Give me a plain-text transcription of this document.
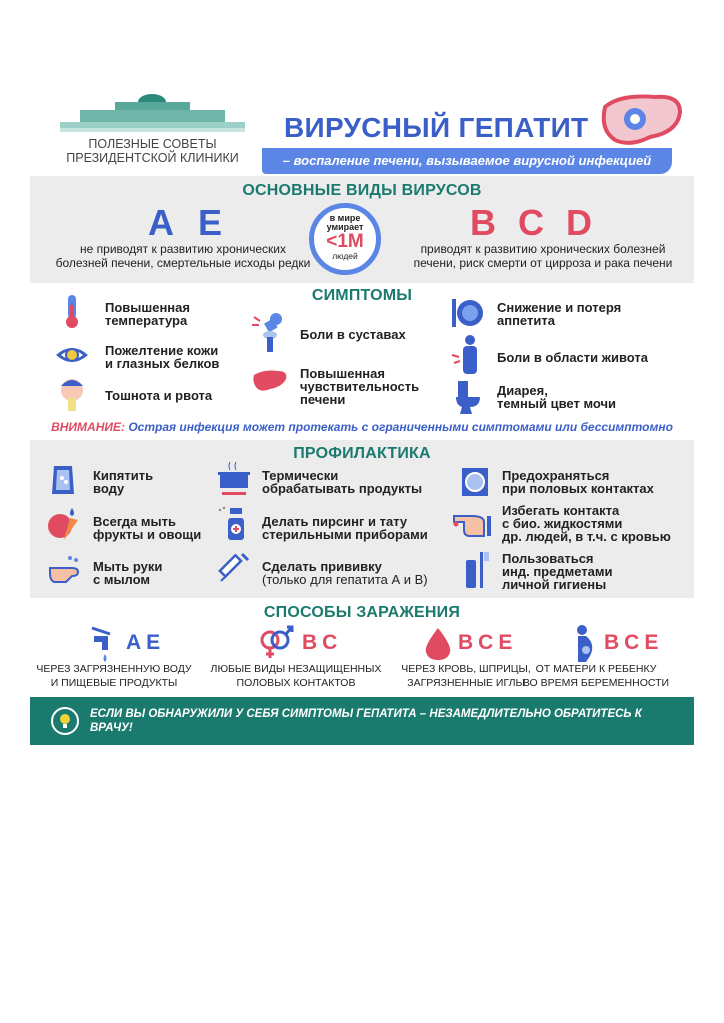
ПОЛЕЗНЫЕ СОВЕТЫ
ПРЕЗИДЕНТСКОЙ КЛИНИКИ	– воспаление печени, вызываемое вирусной инфекцией
ВИРУСНЫЙ ГЕПАТИТ
ОСНОВНЫЕ ВИДЫ ВИРУСОВ
A E
не приводят к развитию хронических
болезней печени, смертельные исходы редки
в мире
умирает
<1М
людей
B C D
приводят к развитию хронических болезней
печени, риск смерти от цирроза и рака печени
СИМПТОМЫ
Повышенная
температура
Пожелтение кожи
и глазных белков
Тошнота и рвота
Боли в суставах
Повышенная
чувствительность
печени
Снижение и потеря
аппетита
Боли в области живота
Диарея,
темный цвет мочи
ВНИМАНИЕ: Острая инфекция может протекать с ограниченными симптомами или бессимптомно
ПРОФИЛАКТИКА
Кипятить
воду
Всегда мыть
фрукты и овощи
Мыть руки
с мылом
Термически
обрабатывать продукты
Делать пирсинг и тату
стерильными приборами
Сделать прививку
(только для гепатита А и В)
Предохраняться
при половых контактах
Избегать контакта
с био. жидкостями
др. людей, в т.ч. с кровью
Пользоваться
инд. предметами
личной гигиены
СПОСОБЫ ЗАРАЖЕНИЯ
AE
ЧЕРЕЗ ЗАГРЯЗНЕННУЮ ВОДУ
И ПИЩЕВЫЕ ПРОДУКТЫ
BC
ЛЮБЫЕ ВИДЫ НЕЗАЩИЩЕННЫХ
ПОЛОВЫХ КОНТАКТОВ
BCE
ЧЕРЕЗ КРОВЬ, ШПРИЦЫ,
ЗАГРЯЗНЕННЫЕ ИГЛЫ
BCE
ОТ МАТЕРИ К РЕБЕНКУ
ВО ВРЕМЯ БЕРЕМЕННОСТИ
ЕСЛИ ВЫ ОБНАРУЖИЛИ У СЕБЯ СИМПТОМЫ ГЕПАТИТА – НЕЗАМЕДЛИТЕЛЬНО ОБРАТИТЕСЬ К ВРАЧУ!
